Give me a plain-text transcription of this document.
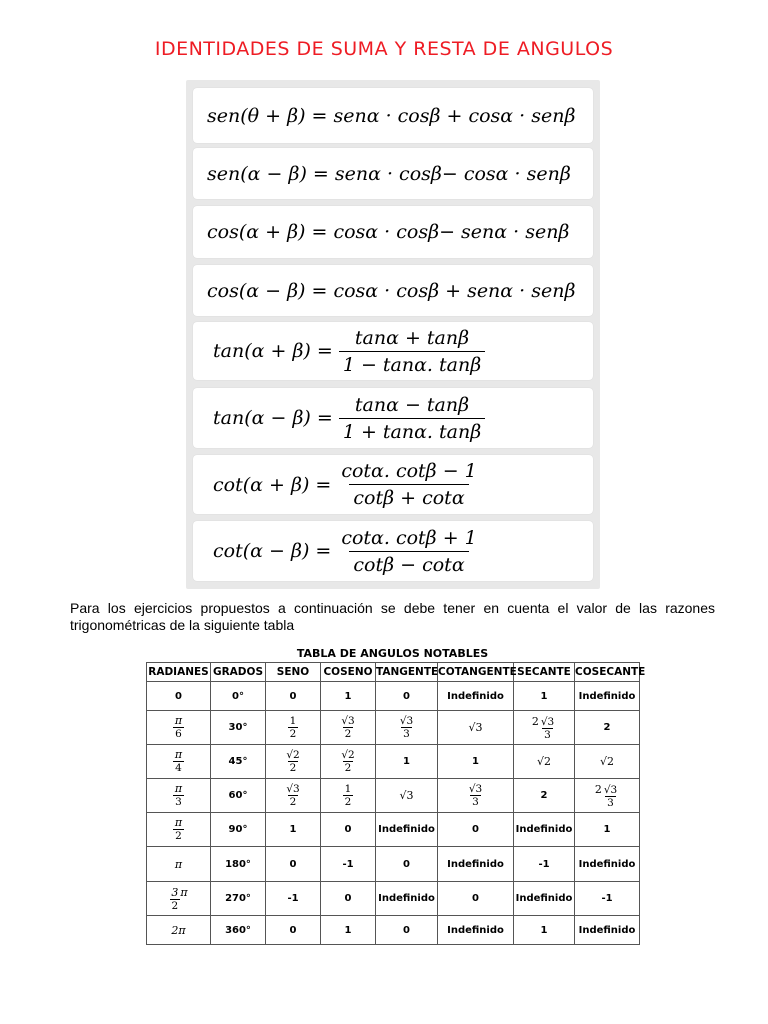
IDENTIDADES DE SUMA Y RESTA DE ANGULOS
sen(θ + β) = senα · cosβ + cosα · senβ
sen(α − β) = senα · cosβ− cosα · senβ
cos(α + β) = cosα · cosβ− senα · senβ
cos(α − β) = cosα · cosβ + senα · senβ
$\tan(\alpha + \beta) = \frac{\tan\alpha + \tan\beta}{1 - \tan\alpha. \tan\beta}$
$\tan(\alpha - \beta) = \frac{\tan\alpha - \tan\beta}{1 + \tan\alpha. \tan\beta}$
$\cot(\alpha + \beta) = \frac{\cot\alpha. \cot\beta - 1}{\cot\beta + \cot\alpha}$
$\cot(\alpha - \beta) = \frac{\cot\alpha. \cot\beta + 1}{\cot\beta - \cot\alpha}$
Para los ejercicios propuestos a continuación se debe tener en cuenta el valor de las razones trigonométricas de la siguiente tabla
TABLA DE ANGULOS NOTABLES
RADIANES	GRADOS	SENO	COSENO	TANGENTE	COTANGENTE	SECANTE	COSECANTE
0	0°	0	1	0	Indefinido	1	Indefinido

$\frac{\pi}{6}$	30°	$\frac{1}{2}$	$\frac{√3}{2}$	$\frac{√3}{3}$	√3	$2 \frac{√3}{3}$	2

$\frac{\pi}{4}$	45°	$\frac{√2}{2}$	$\frac{√2}{2}$	1	1	√2	√2

$\frac{\pi}{3}$	60°	$\frac{√3}{2}$	$\frac{1}{2}$	√3	$\frac{√3}{3}$	2	$2 \frac{√3}{3}$

$\frac{\pi}{2}$	90°	1	0	Indefinido	0	Indefinido	1
π	180°	0	-1	0	Indefinido	-1	Indefinido

$\frac{3}{2}$ π	270°	-1	0	Indefinido	0	Indefinido	-1
2π	360°	0	1	0	Indefinido	1	Indefinido
